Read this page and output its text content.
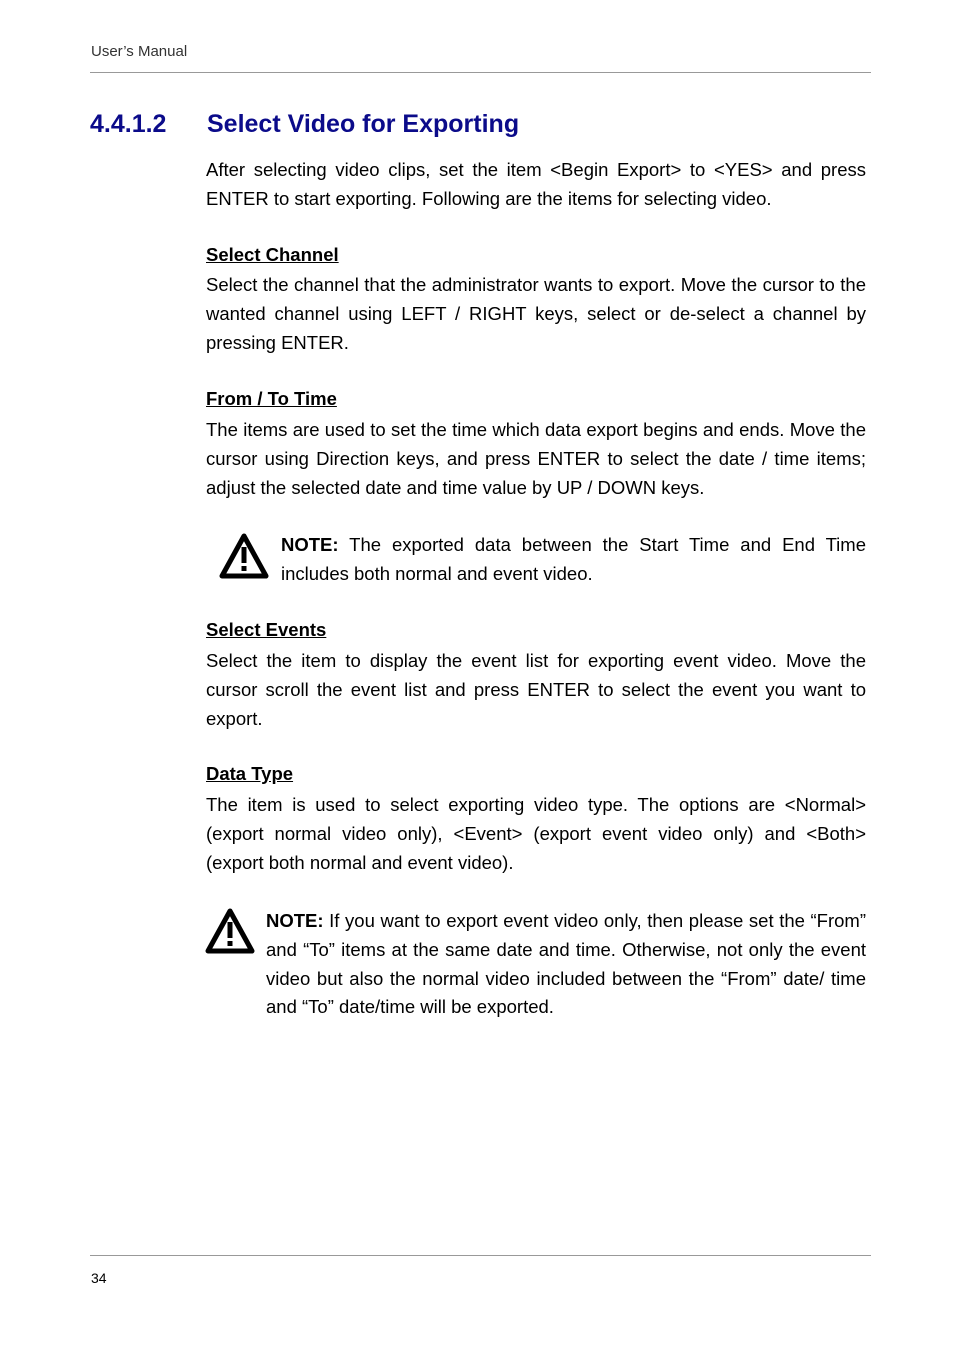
User’s Manual
4.4.1.2 Select Video for Exporting
After selecting video clips, set the item <Begin Export> to <YES> and press ENTER to start exporting. Following are the items for selecting video.
Select Channel
Select the channel that the administrator wants to export. Move the cursor to the wanted channel using LEFT / RIGHT keys, select or de-select a channel by pressing ENTER.
From / To Time
The items are used to set the time which data export begins and ends. Move the cursor using Direction keys, and press ENTER to select the date / time items; adjust the selected date and time value by UP / DOWN keys.
NOTE: The exported data between the Start Time and End Time includes both normal and event video.
Select Events
Select the item to display the event list for exporting event video. Move the cursor scroll the event list and press ENTER to select the event you want to export.
Data Type
The item is used to select exporting video type. The options are <Normal> (export normal video only), <Event> (export event video only) and <Both> (export both normal and event video).
NOTE: If you want to export event video only, then please set the “From” and “To” items at the same date and time. Otherwise, not only the event video but also the normal video included between the “From” date/ time and “To” date/time will be exported.
34
